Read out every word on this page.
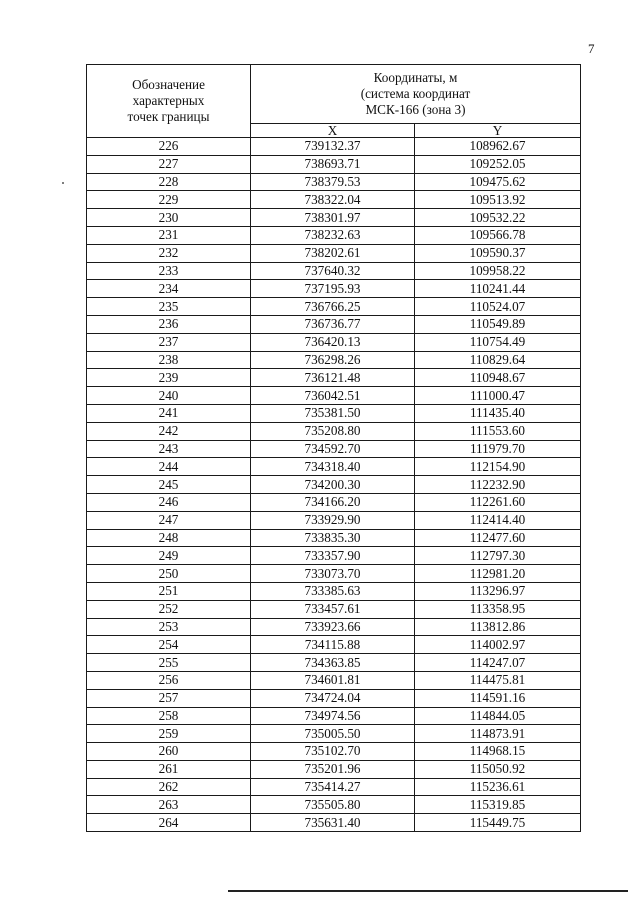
7
Обозначение
характерных
точек границы	Координаты, м
(система координат
МСК-166 (зона 3)	

	X	Y
226	739132.37	108962.67
227	738693.71	109252.05
228	738379.53	109475.62
229	738322.04	109513.92
230	738301.97	109532.22
231	738232.63	109566.78
232	738202.61	109590.37
233	737640.32	109958.22
234	737195.93	110241.44
235	736766.25	110524.07
236	736736.77	110549.89
237	736420.13	110754.49
238	736298.26	110829.64
239	736121.48	110948.67
240	736042.51	111000.47
241	735381.50	111435.40
242	735208.80	111553.60
243	734592.70	111979.70
244	734318.40	112154.90
245	734200.30	112232.90
246	734166.20	112261.60
247	733929.90	112414.40
248	733835.30	112477.60
249	733357.90	112797.30
250	733073.70	112981.20
251	733385.63	113296.97
252	733457.61	113358.95
253	733923.66	113812.86
254	734115.88	114002.97
255	734363.85	114247.07
256	734601.81	114475.81
257	734724.04	114591.16
258	734974.56	114844.05
259	735005.50	114873.91
260	735102.70	114968.15
261	735201.96	115050.92
262	735414.27	115236.61
263	735505.80	115319.85
264	735631.40	115449.75
